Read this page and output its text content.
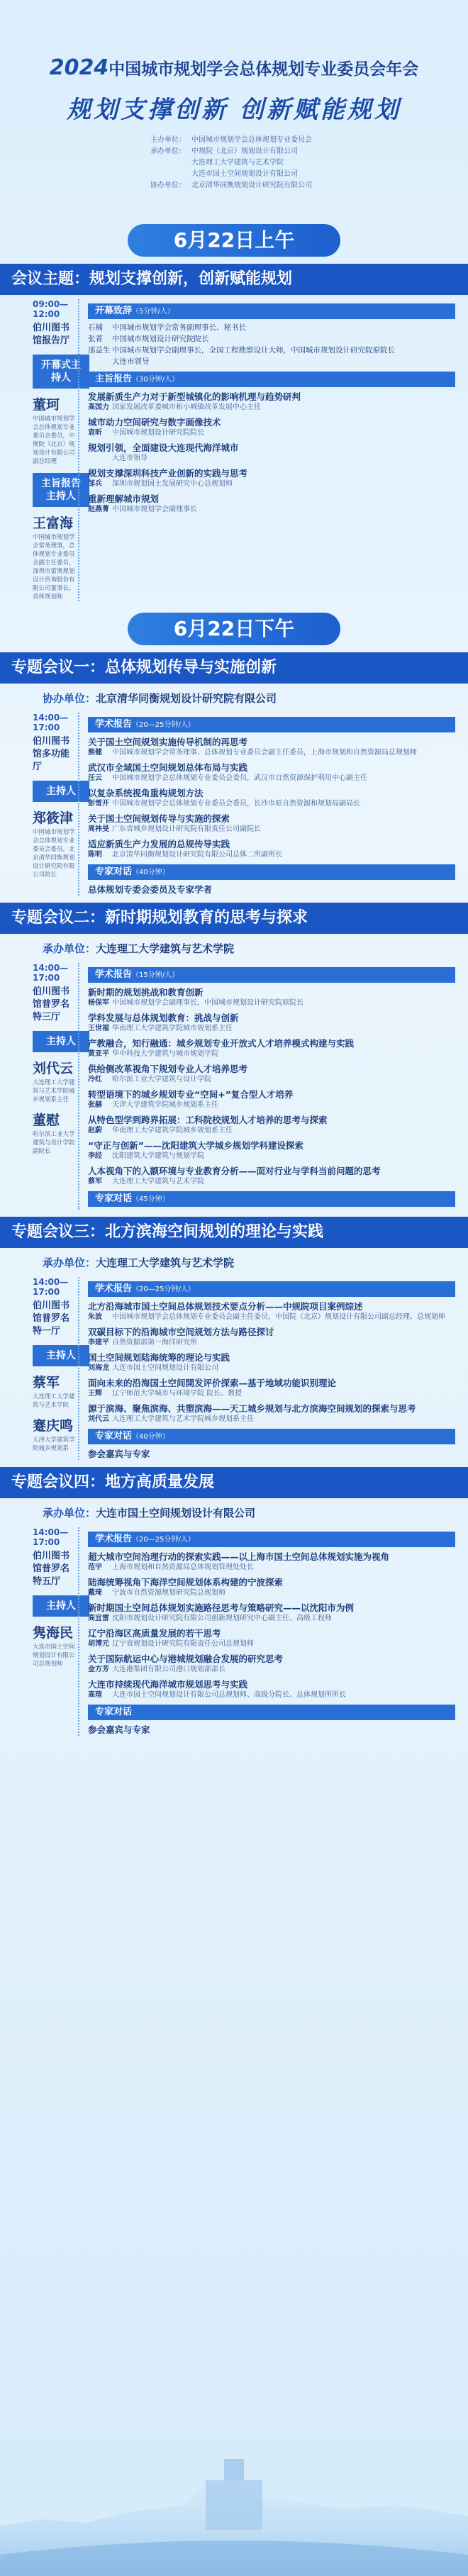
2024中国城市规划学会总体规划专业委员会年会
规划支撑创新 创新赋能规划
主办单位： 中国城市规划学会总体规划专业委员会
承办单位： 中规院（北京）规划设计有限公司
大连理工大学建筑与艺术学院
大连市国土空间规划设计有限公司
协办单位： 北京清华同衡规划设计研究院有限公司
6月22日上午
会议主题：规划支撑创新，创新赋能规划
09:00—12:00
伯川图书馆报告厅
开幕式主持人
董珂
中国城市规划学会总体规划专业委员会委员，中规院（北京）规划设计有限公司副总经理
主旨报告主持人
王富海
中国城市规划学会常务理事，总体规划专业委员会副主任委员，深圳市蕾奥规划设计咨询股份有限公司董事长、首席规划师
开幕致辞（5分钟/人）
石楠 中国城市规划学会常务副理事长、秘书长
张菁 中国城市规划设计研究院院长
邵益生 中国城市规划学会副理事长，全国工程勘察设计大师，中国城市规划设计研究院原院长
大连市领导
主旨报告（30分钟/人）
发展新质生产力对于新型城镇化的影响机理与趋势研判
高国力 国家发展改革委城市和小城镇改革发展中心主任
城市动力空间研究与数字画像技术
袁昕 中国城市规划设计研究院院长
规划引领，全面建设大连现代海洋城市
大连市领导
规划支撑深圳科技产业创新的实践与思考
邹兵 深圳市规划国土发展研究中心总规划师
重新理解城市规划
赵燕菁 中国城市规划学会副理事长
6月22日下午
专题会议一：总体规划传导与实施创新
协办单位：北京清华同衡规划设计研究院有限公司
14:00—17:00
伯川图书馆多功能厅
主持人
郑筱津
中国城市规划学会总体规划专业委员会委员，北京清华同衡规划设计研究院有限公司院长
学术报告（20—25分钟/人）
关于国土空间规划实施传导机制的再思考
熊健 中国城市规划学会常务理事、总体规划专业委员会副主任委员，上海市规划和自然资源局总规划师
武汉市全域国土空间规划总体布局与实践
汪云 中国城市规划学会总体规划专业委员会委员，武汉市自然资源保护利用中心副主任
以复杂系统视角重构规划方法
彭雪开 中国城市规划学会总体规划专业委员会委员，长沙市原自然资源和规划局副局长
关于国土空间规划传导与实施的探索
周祎旻 广东省城乡规划设计研究院有限责任公司副院长
适应新质生产力发展的总规传导实践
陈明 北京清华同衡规划设计研究院有限公司总体二所副所长
专家对话（40分钟）
总体规划专委会委员及专家学者
专题会议二：新时期规划教育的思考与探求
承办单位：大连理工大学建筑与艺术学院
14:00—17:00
伯川图书馆普罗名特三厅
主持人
刘代云
大连理工大学建筑与艺术学院城乡规划系主任
董慰
哈尔滨工业大学建筑与设计学院副院长
学术报告（15分钟/人）
新时期的规划挑战和教育创新
杨保军 中国城市规划学会副理事长，中国城市规划设计研究院原院长
学科发展与总体规划教育：挑战与创新
王世福 华南理工大学建筑学院城市规划系主任
产教融合，知行融通：城乡规划专业开放式人才培养模式构建与实践
黄亚平 华中科技大学建筑与城市规划学院
供给侧改革视角下规划专业人才培养思考
冷红 哈尔滨工业大学建筑与设计学院
转型语境下的城乡规划专业“空间+”复合型人才培养
张赫 天津大学建筑学院城乡规划系主任
从特色型学到跨界拓展：工科院校规划人才培养的思考与探索
赵蔚 华南理工大学建筑学院城乡规划系主任
“守正与创新”——沈阳建筑大学城乡规划学科建设探索
李经 沈阳建筑大学建筑与规划学院
人本视角下的入额环境与专业教育分析——面对行业与学科当前问题的思考
蔡军 大连理工大学建筑与艺术学院
专家对话（45分钟）
专题会议三：北方滨海空间规划的理论与实践
承办单位：大连理工大学建筑与艺术学院
14:00—17:00
伯川图书馆普罗名特一厅
主持人
蔡军
大连理工大学建筑与艺术学院
蹇庆鸣
天津大学建筑学院城乡规划系
学术报告（20—25分钟/人）
北方沿海城市国土空间总体规划技术要点分析——中规院项目案例综述
朱波 中国城市规划学会总体规划专业委员会副主任委员，中国院（北京）规划设计有限公司副总经理、总规划师
双碳目标下的沿海城市空间规划方法与路径探讨
李建平 自然资源部第一海洋研究所
国土空间规划陆海统筹的理论与实践
刘海龙 大连市国土空间规划设计有限公司
面向未来的沿海国土空间開发评价探索—基于地域功能识别理论
王辉 辽宁师范大学城市与环境学院 院长、教授
源于滨海、聚焦滨海、共塑滨海——天工城乡规划与北方滨海空间规划的探索与思考
刘代云 大连理工大学建筑与艺术学院城乡规划系主任
专家对话（40分钟）
参会嘉宾与专家
专题会议四：地方高质量发展
承办单位：大连市国土空间规划设计有限公司
14:00—17:00
伯川图书馆普罗名特五厅
主持人
隽海民
大连市国土空间规划设计有限公司总规划师
学术报告（20—25分钟/人）
超大城市空间治理行动的探索实践——以上海市国土空间总体规划实施为视角
范宇 上海市规划和自然资源局总体规划管理处处长
陆海统筹视角下海洋空间规划体系构建的宁波探索
戴琦 宁波市自然资源规划研究院总规划师
新时期国土空间总体规划实施路径思考与策略研究——以沈阳市为例
高宜雷 沈阳市规划设计研究院有限公司创新规划研究中心副主任、高级工程师
辽宁沿海区高质量发展的若干思考
胡博元 辽宁省规划设计研究院有限责任公司总规划师
关于国际航运中心与港城规划融合发展的研究思考
金方芳 大连港集团有限公司港口规划部部长
大连市持续现代海洋城市规划思考与实践
高瑄 大连市国土空间规划设计有限公司总规划师、高级分院长、总体规划所所长
专家对话
参会嘉宾与专家
